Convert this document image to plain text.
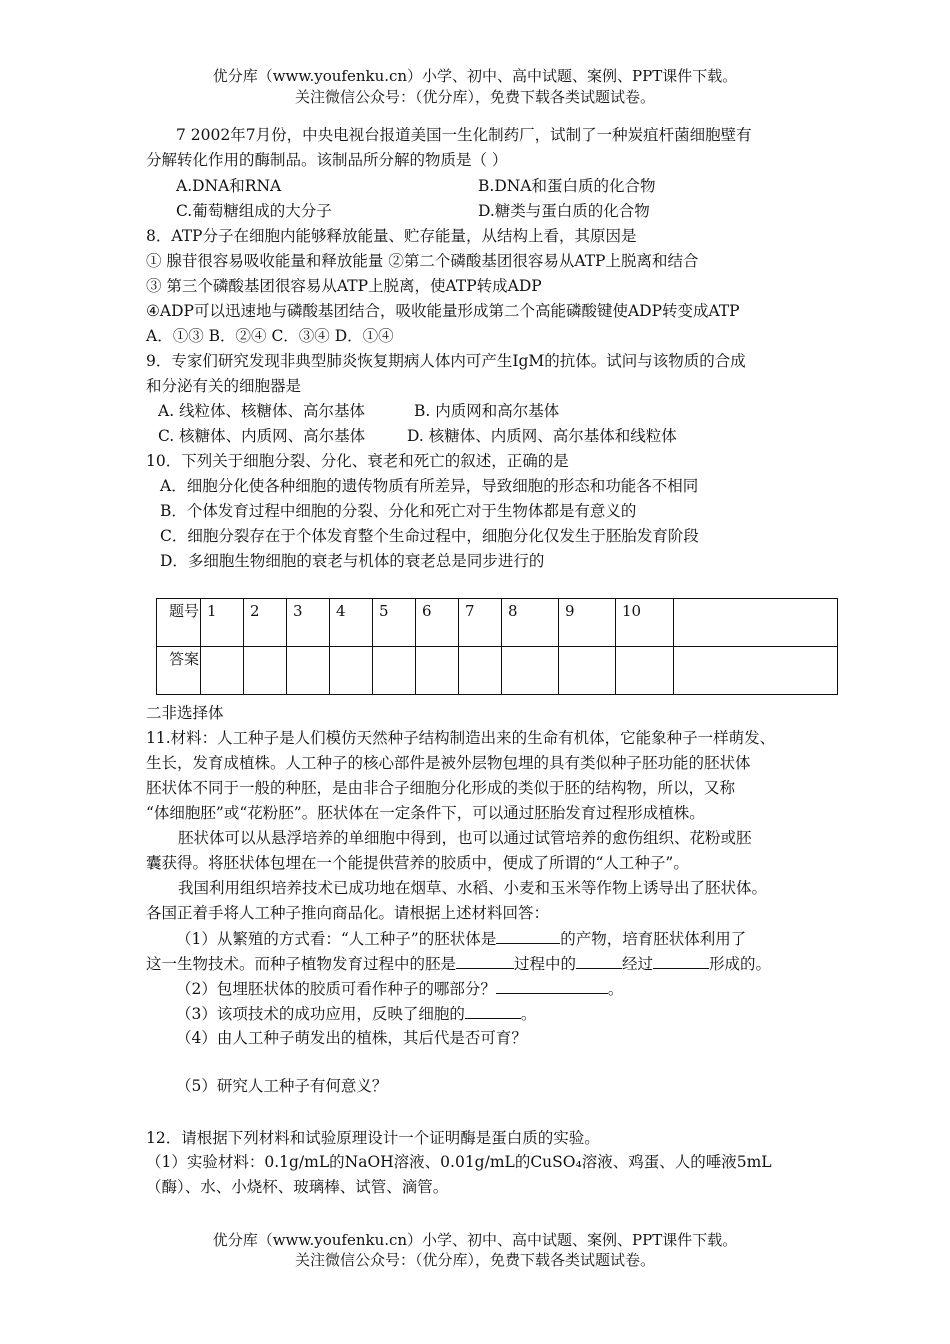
优分库（www.youfenku.cn）小学、初中、高中试题、案例、PPT课件下载。
关注微信公众号：（优分库），免费下载各类试题试卷。
7 2002年7月份，中央电视台报道美国一生化制药厂，试制了一种炭疽杆菌细胞壁有
分解转化作用的酶制品。该制品所分解的物质是（ ）
A.DNA和RNA	B.DNA和蛋白质的化合物
C.葡萄糖组成的大分子	D.糖类与蛋白质的化合物
8．ATP分子在细胞内能够释放能量、贮存能量，从结构上看，其原因是
① 腺苷很容易吸收能量和释放能量 ②第二个磷酸基团很容易从ATP上脱离和结合
③ 第三个磷酸基团很容易从ATP上脱离，使ATP转成ADP
④ADP可以迅速地与磷酸基团结合，吸收能量形成第二个高能磷酸键使ADP转变成ATP
A．①③ B．②④ C．③④ D．①④
9．专家们研究发现非典型肺炎恢复期病人体内可产生IgM的抗体。试问与该物质的合成
和分泌有关的细胞器是
A. 线粒体、核糖体、高尔基体	B. 内质网和高尔基体
C. 核糖体、内质网、高尔基体	D. 核糖体、内质网、高尔基体和线粒体
10．下列关于细胞分裂、分化、衰老和死亡的叙述，正确的是
A．细胞分化使各种细胞的遗传物质有所差异，导致细胞的形态和功能各不相同
B．个体发育过程中细胞的分裂、分化和死亡对于生物体都是有意义的
C．细胞分裂存在于个体发育整个生命过程中，细胞分化仅发生于胚胎发育阶段
D．多细胞生物细胞的衰老与机体的衰老总是同步进行的
题号	1	2	3	4	5	6	7	8	9	10	
答案											
二非选择体
11.材料：人工种子是人们模仿天然种子结构制造出来的生命有机体，它能象种子一样萌发、
生长，发育成植株。人工种子的核心部件是被外层物包埋的具有类似种子胚功能的胚状体
胚状体不同于一般的种胚，是由非合子细胞分化形成的类似于胚的结构物，所以，又称
“体细胞胚”或“花粉胚”。胚状体在一定条件下，可以通过胚胎发育过程形成植株。
胚状体可以从悬浮培养的单细胞中得到，也可以通过试管培养的愈伤组织、花粉或胚
囊获得。将胚状体包埋在一个能提供营养的胶质中，便成了所谓的“人工种子”。
我国利用组织培养技术已成功地在烟草、水稻、小麦和玉米等作物上诱导出了胚状体。
各国正着手将人工种子推向商品化。请根据上述材料回答：
（1）从繁殖的方式看：“人工种子”的胚状体是	的产物，培育胚状体利用了
这一生物技术。而种子植物发育过程中的胚是	过程中的	经过	形成的。
（2）包埋胚状体的胶质可看作种子的哪部分？	。
（3）该项技术的成功应用，反映了细胞的	。
（4）由人工种子萌发出的植株，其后代是否可育？
（5）研究人工种子有何意义？
12．请根据下列材料和试验原理设计一个证明酶是蛋白质的实验。
（1）实验材料：0.1g/mL的NaOH溶液、0.01g/mL的CuSO₄溶液、鸡蛋、人的唾液5mL
（酶）、水、小烧杯、玻璃棒、试管、滴管。
优分库（www.youfenku.cn）小学、初中、高中试题、案例、PPT课件下载。
关注微信公众号：（优分库），免费下载各类试题试卷。
